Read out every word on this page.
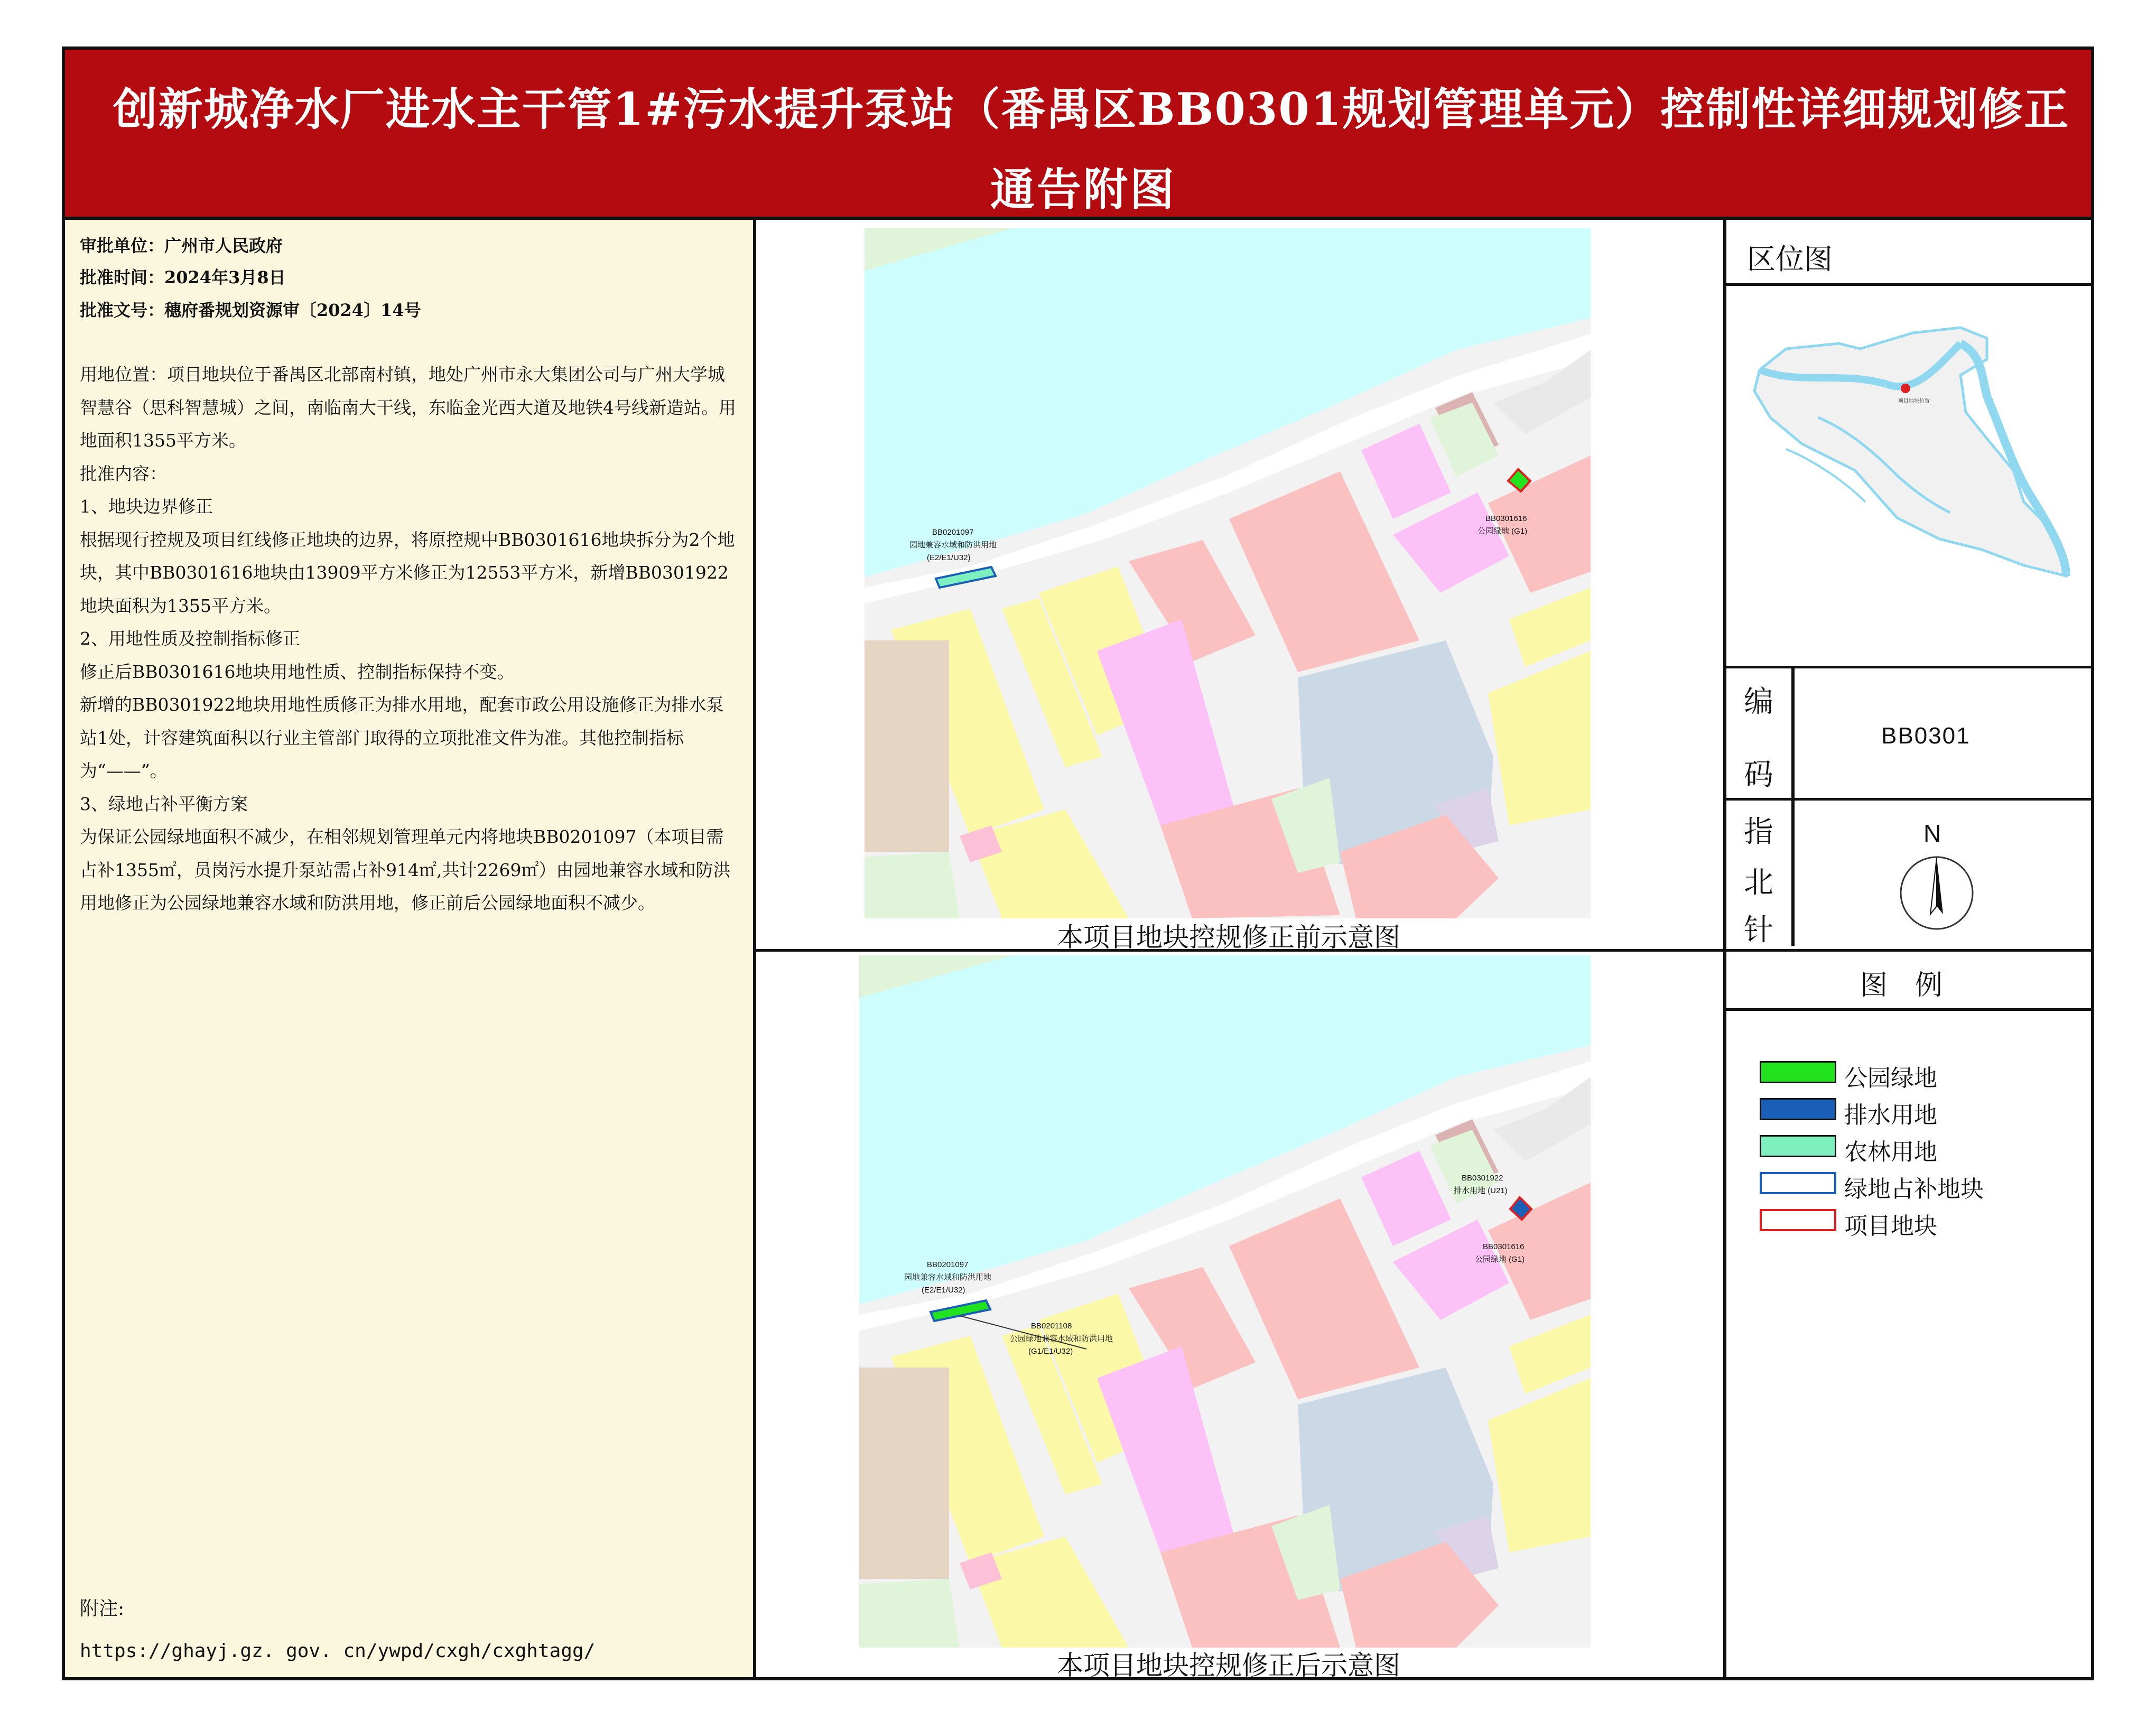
创新城净水厂进水主干管1#污水提升泵站（番禺区BB0301规划管理单元）控制性详细规划修正
通告附图
审批单位：广州市人民政府
批准时间：2024年3月8日
批准文号：穗府番规划资源审〔2024〕14号

用地位置：项目地块位于番禺区北部南村镇，地处广州市永大集团公司与广州大学城智慧谷（思科智慧城）之间，南临南大干线，东临金光西大道及地铁4号线新造站。用地面积1355平方米。

批准内容：

1、地块边界修正

根据现行控规及项目红线修正地块的边界，将原控规中BB0301616地块拆分为2个地块，其中BB0301616地块由13909平方米修正为12553平方米，新增BB0301922地块面积为1355平方米。

2、用地性质及控制指标修正

修正后BB0301616地块用地性质、控制指标保持不变。

新增的BB0301922地块用地性质修正为排水用地，配套市政公用设施修正为排水泵站1处，计容建筑面积以行业主管部门取得的立项批准文件为准。其他控制指标为“——”。

3、绿地占补平衡方案

为保证公园绿地面积不减少，在相邻规划管理单元内将地块BB0201097（本项目需占补1355㎡，员岗污水提升泵站需占补914㎡,共计2269㎡）由园地兼容水域和防洪用地修正为公园绿地兼容水域和防洪用地，修正前后公园绿地面积不减少。

附注:
https://ghayj.gz. gov. cn/ywpd/cxgh/cxghtagg/
BB0201097
园地兼容水域和防洪用地
(E2/E1/U32)
BB0301616
公园绿地 (G1)
本项目地块控规修正前示意图
BB0201097
园地兼容水域和防洪用地
(E2/E1/U32)
BB0201108
公园绿地兼容水域和防洪用地
(G1/E1/U32)
BB0301922
排水用地 (U21)
BB0301616
公园绿地 (G1)
本项目地块控规修正后示意图
区位图
项目地块位置
编
码
BB0301
指
北
针
N
图　例
公园绿地
排水用地
农林用地
绿地占补地块
项目地块
